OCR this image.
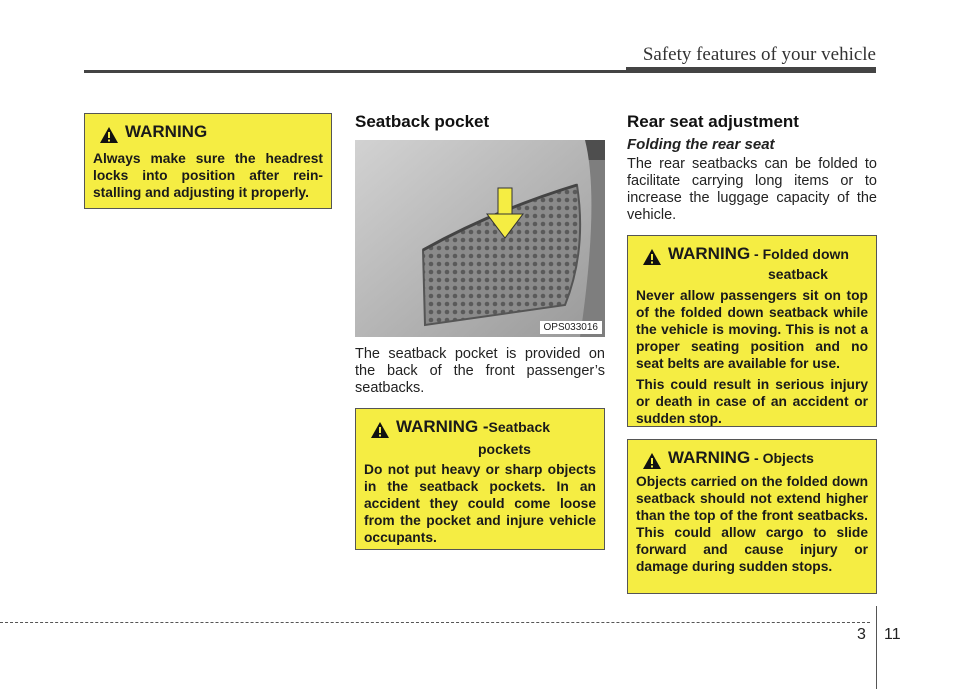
Safety features of your vehicle
WARNING

Always make sure the headrest locks into position after rein-stalling and adjusting it properly.

Seatback pocket
OPS033016
The seatback pocket is provided on the back of the front passenger’s seatbacks.
WARNING - Seatback
pockets

Do not put heavy or sharp objects in the seatback pockets. In an accident they could come loose from the pocket and injure vehicle occupants.

Rear seat adjustment
Folding the rear seat
The rear seatbacks can be folded to facilitate carrying long items or to increase the luggage capacity of the vehicle.
WARNING - Folded down
seatback

Never allow passengers sit on top of the folded down seatback while the vehicle is moving. This is not a proper seating position and no seat belts are available for use.

This could result in serious injury or death in case of an accident or sudden stop.

WARNING - Objects

Objects carried on the folded down seatback should not extend higher than the top of the front seatbacks. This could allow cargo to slide forward and cause injury or damage during sudden stops.

3 11
